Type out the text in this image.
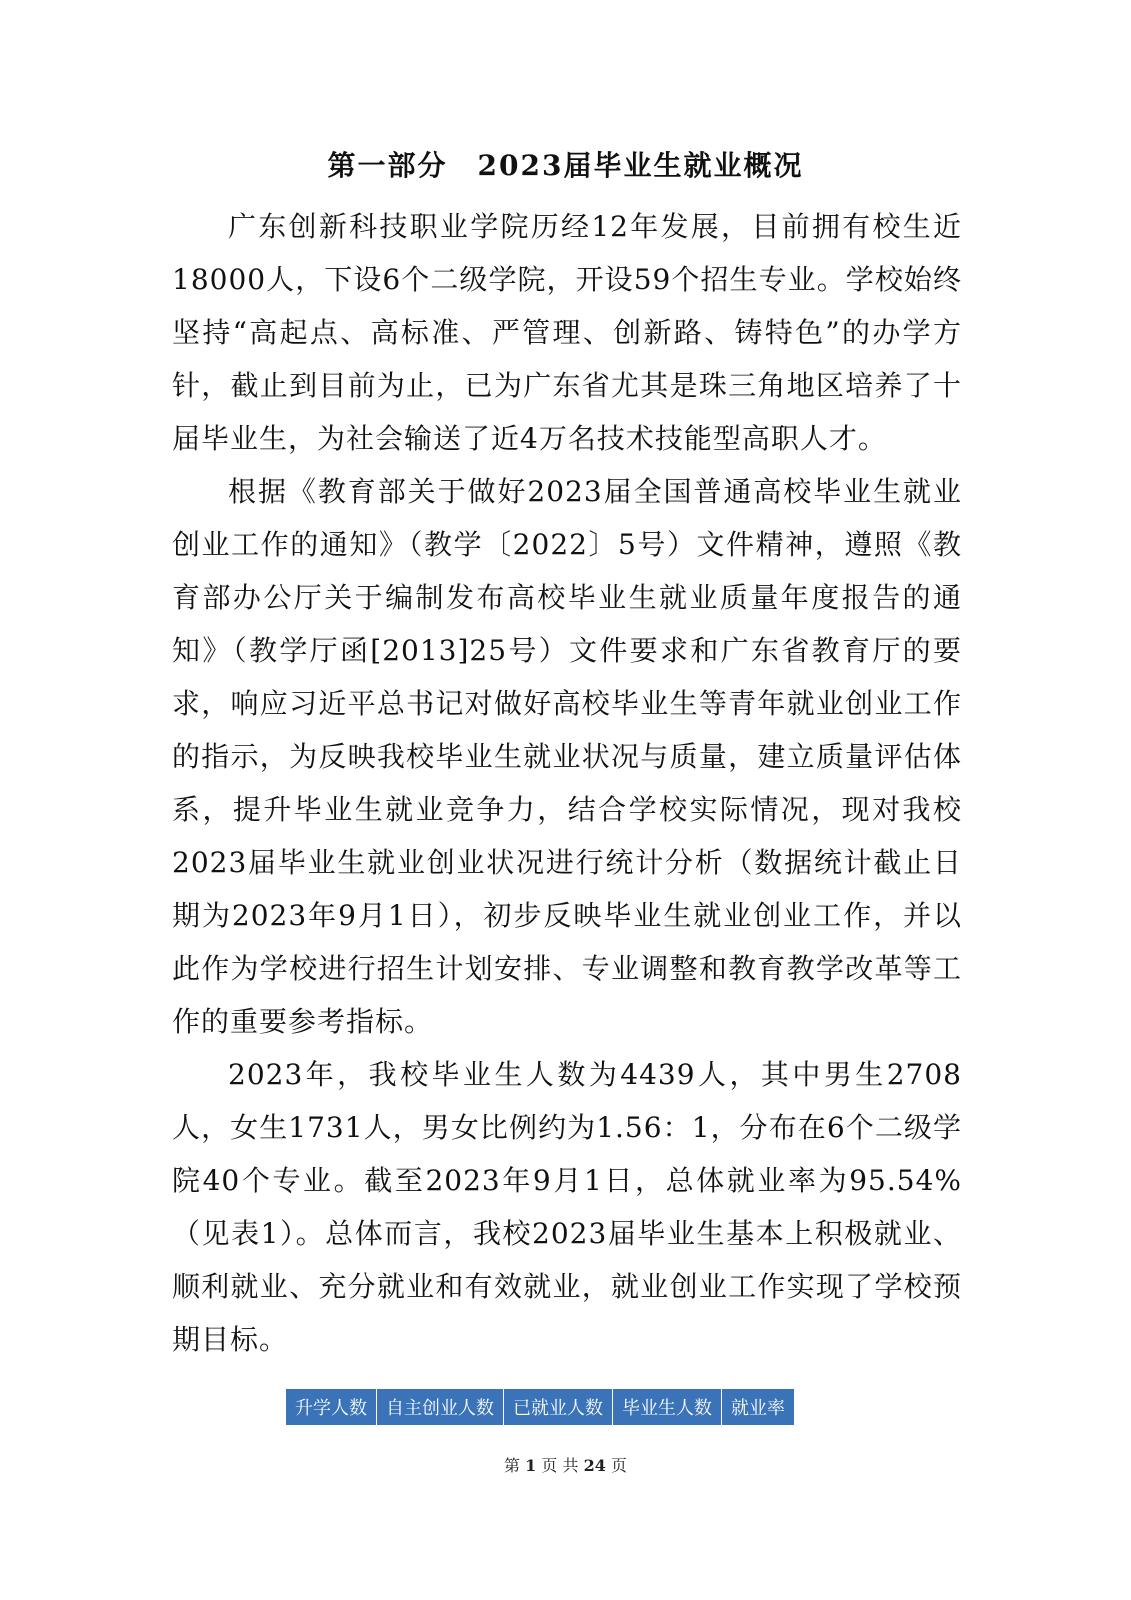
第一部分　2023届毕业生就业概况

广东创新科技职业学院历经12年发展，目前拥有校生近18000人，下设6个二级学院，开设59个招生专业。学校始终坚持“高起点、高标准、严管理、创新路、铸特色”的办学方针，截止到目前为止，已为广东省尤其是珠三角地区培养了十届毕业生，为社会输送了近4万名技术技能型高职人才。

根据《教育部关于做好2023届全国普通高校毕业生就业创业工作的通知》（教学〔2022〕5号）文件精神，遵照《教育部办公厅关于编制发布高校毕业生就业质量年度报告的通知》（教学厅函[2013]25号）文件要求和广东省教育厅的要求，响应习近平总书记对做好高校毕业生等青年就业创业工作的指示，为反映我校毕业生就业状况与质量，建立质量评估体系，提升毕业生就业竞争力，结合学校实际情况，现对我校2023届毕业生就业创业状况进行统计分析（数据统计截止日期为2023年9月1日），初步反映毕业生就业创业工作，并以此作为学校进行招生计划安排、专业调整和教育教学改革等工作的重要参考指标。

2023年，我校毕业生人数为4439人，其中男生2708人，女生1731人，男女比例约为1.56：1，分布在6个二级学院40个专业。截至2023年9月1日，总体就业率为95.54%（见表1）。总体而言，我校2023届毕业生基本上积极就业、顺利就业、充分就业和有效就业，就业创业工作实现了学校预期目标。

升学人数	自主创业人数	已就业人数	毕业生人数	就业率
第 1 页 共 24 页
